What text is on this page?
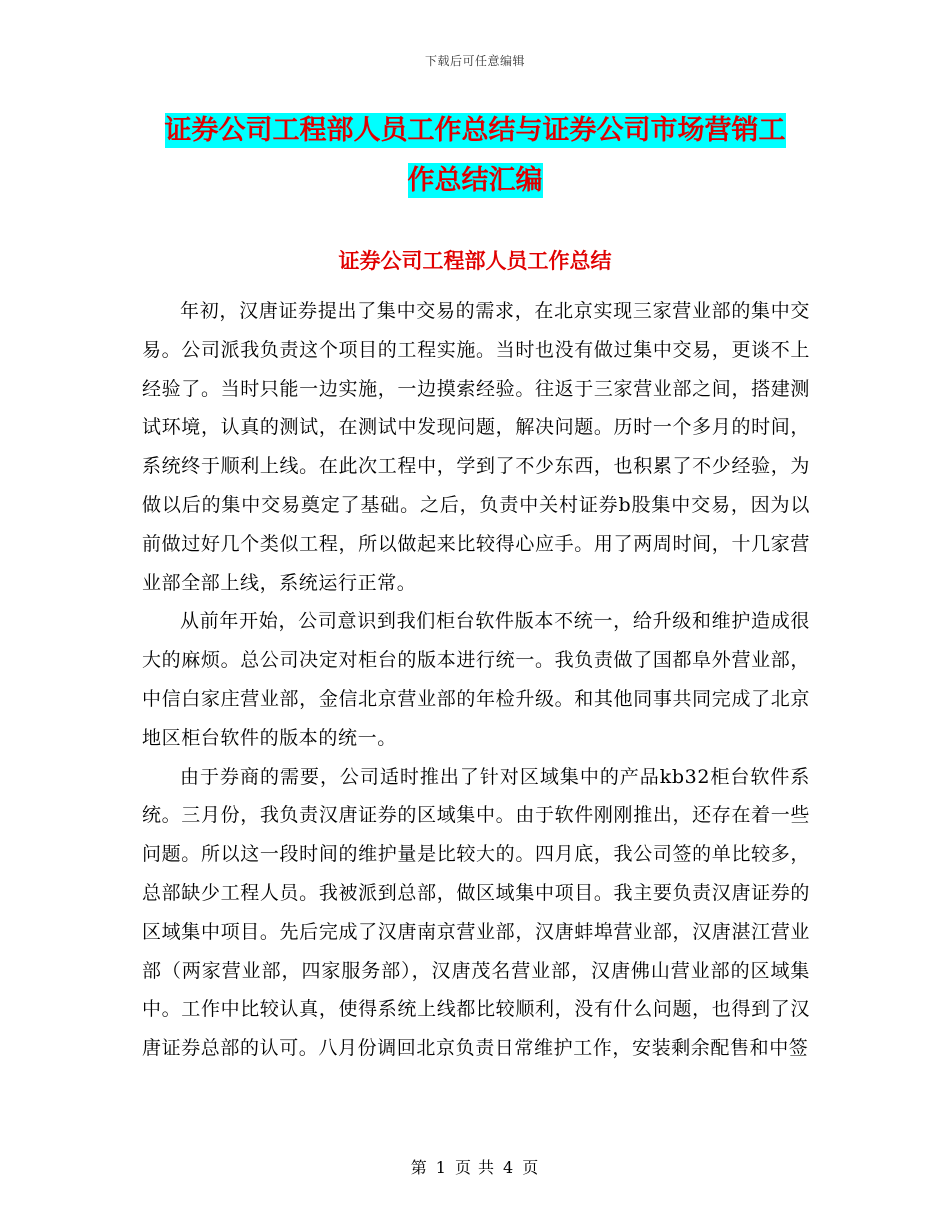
下载后可任意编辑
证券公司工程部人员工作总结与证券公司市场营销工
作总结汇编
证券公司工程部人员工作总结

年初，汉唐证券提出了集中交易的需求，在北京实现三家营业部的集中交易。公司派我负责这个项目的工程实施。当时也没有做过集中交易，更谈不上经验了。当时只能一边实施，一边摸索经验。往返于三家营业部之间，搭建测试环境，认真的测试，在测试中发现问题，解决问题。历时一个多月的时间，系统终于顺利上线。在此次工程中，学到了不少东西，也积累了不少经验，为做以后的集中交易奠定了基础。之后，负责中关村证券b股集中交易，因为以前做过好几个类似工程，所以做起来比较得心应手。用了两周时间，十几家营业部全部上线，系统运行正常。

从前年开始，公司意识到我们柜台软件版本不统一，给升级和维护造成很大的麻烦。总公司决定对柜台的版本进行统一。我负责做了国都阜外营业部，中信白家庄营业部，金信北京营业部的年检升级。和其他同事共同完成了北京地区柜台软件的版本的统一。

由于券商的需要，公司适时推出了针对区域集中的产品kb32柜台软件系统。三月份，我负责汉唐证券的区域集中。由于软件刚刚推出，还存在着一些问题。所以这一段时间的维护量是比较大的。四月底，我公司签的单比较多，总部缺少工程人员。我被派到总部，做区域集中项目。我主要负责汉唐证券的区域集中项目。先后完成了汉唐南京营业部，汉唐蚌埠营业部，汉唐湛江营业部（两家营业部，四家服务部），汉唐茂名营业部，汉唐佛山营业部的区域集中。工作中比较认真，使得系统上线都比较顺利，没有什么问题，也得到了汉唐证券总部的认可。八月份调回北京负责日常维护工作，安装剩余配售和中签

第 1 页 共 4 页
